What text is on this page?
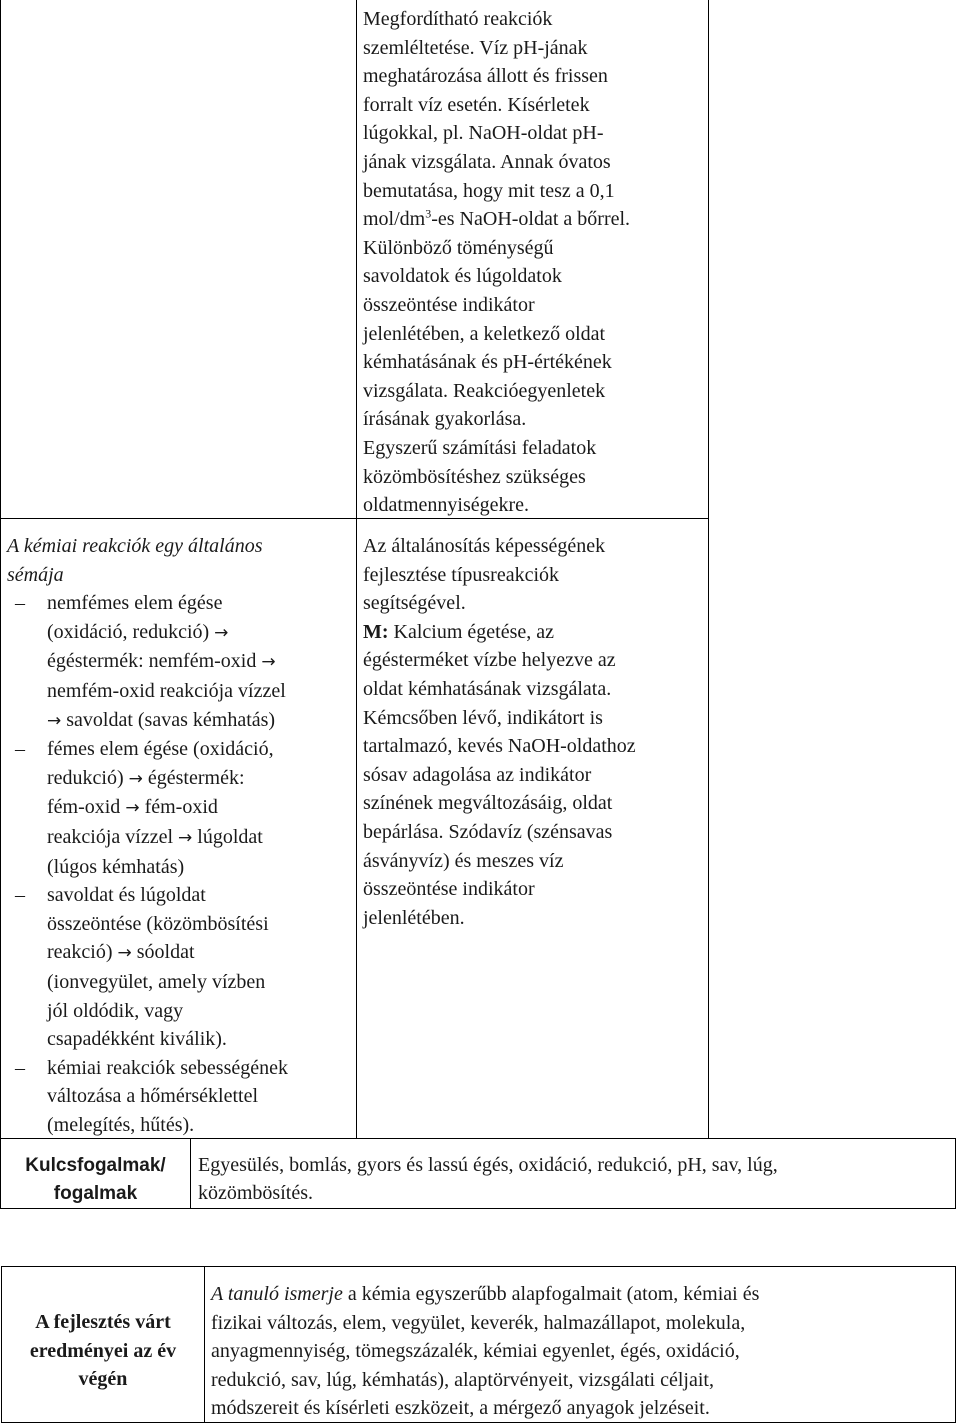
Megfordítható reakciók

szemléltetése. Víz pH-jának

meghatározása állott és frissen

forralt víz esetén. Kísérletek

lúgokkal, pl. NaOH-oldat pH-

jának vizsgálata. Annak óvatos

bemutatása, hogy mit tesz a 0,1

mol/$dm^3-es$ NaOH-oldat a bőrrel.

Különböző töménységű

savoldatok és lúgoldatok

összeöntése indikátor

jelenlétében, a keletkező oldat

kémhatásának és pH-értékének

vizsgálata. Reakcióegyenletek

írásának gyakorlása.

Egyszerű számítási feladatok

közömbösítéshez szükséges

oldatmennyiségekre.

A kémiai reakciók egy általános

sémája

– nemfémes elem égése

(oxidáció, redukció) →

égéstermék: nemfém-oxid →

nemfém-oxid reakciója vízzel

→ savoldat (savas kémhatás)

– fémes elem égése (oxidáció,

redukció) → égéstermék:

fém-oxid → fém-oxid

reakciója vízzel → lúgoldat

(lúgos kémhatás)

– savoldat és lúgoldat

összeöntése (közömbösítési

reakció) → sóoldat

(ionvegyület, amely vízben

jól oldódik, vagy

csapadékként kiválik).

– kémiai reakciók sebességének

változása a hőmérséklettel

(melegítés, hűtés).

Az általánosítás képességének

fejlesztése típusreakciók

segítségével.

M: Kalcium égetése, az

égésterméket vízbe helyezve az

oldat kémhatásának vizsgálata.

Kémcsőben lévő, indikátort is

tartalmazó, kevés NaOH-oldathoz

sósav adagolása az indikátor

színének megváltozásáig, oldat

bepárlása. Szódavíz (szénsavas

ásványvíz) és meszes víz

összeöntése indikátor

jelenlétében.

Kulcsfogalmak/

fogalmak

Egyesülés, bomlás, gyors és lassú égés, oxidáció, redukció, pH, sav, lúg,

közömbösítés.

A fejlesztés várt

eredményei az év

végén

A tanuló ismerje a kémia egyszerűbb alapfogalmait (atom, kémiai és

fizikai változás, elem, vegyület, keverék, halmazállapot, molekula,

anyagmennyiség, tömegszázalék, kémiai egyenlet, égés, oxidáció,

redukció, sav, lúg, kémhatás), alaptörvényeit, vizsgálati céljait,

módszereit és kísérleti eszközeit, a mérgező anyagok jelzéseit.
